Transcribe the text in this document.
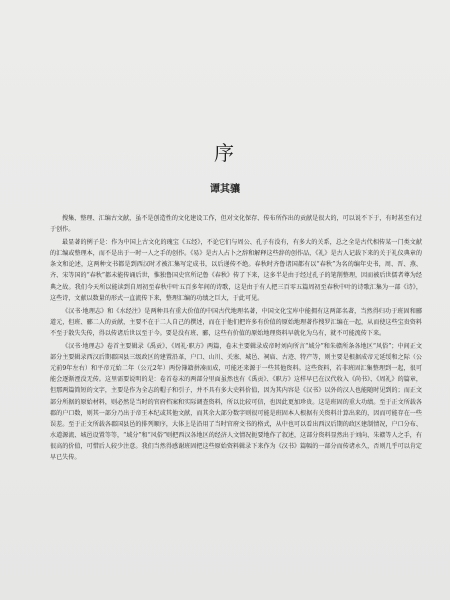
序
谭其骧

搜集、整理、汇编古文献，虽不是创造性的文化建设工作，但对文化保存、传布所作出的贡献是很大的，可以说不下于，有时甚至有过于创作。

最显著的例子是：作为中国上古文化的瑰宝《五经》，不论它们与周公、孔子有没有，有多大的关系，总之全是古代相传某一门类文献的汇编或整理本，而不是出于一时一人之手的创作。《易》是古人占卜之辞和解释这些辞的创作品，《礼》是古人记载下来的关于礼仪典章的条文和论述，这两种文书都是到西汉时才被汇集写定成书，以后递传不绝。春秋时齐鲁诸国都有以“春秋”为名的编年史书，周、晋、燕、齐、宋等国的“春秋”都未能传诵后世，惟独鲁国史官所记鲁《春秋》传了下来，这多半是由于经过孔子的笔削整理，因而被后世儒者尊为经典之故。我们今天所以能读到自周初至春秋中叶五百多年间的诗歌，这是由于有人把三百零五篇周初至春秋中叶的诗歌汇集为一部《诗》，这些诗，文献以数量的形式一直流传下来，整理汇编的功绩之巨大，于此可见。

《汉书·地理志》和《水经注》是两种具有重大价值的中国古代地理名著，中国文化宝库中能拥有这两部名著，当然得归功于班固和郦道元，但班、郦二人的贡献，主要不在于二人自己的撰述，而在于他们把许多有价值的原始地理著作搜罗汇编在一起，从而使这些宝贵资料不至于散失失传，得以传诸后世以至于今。要是没有班、郦，这些有价值的原始地理资料早就化为乌有，就不可能流传下来。

《汉书·地理志》卷首主要辑录《禹贡》、《周礼·职方》两篇，卷末主要辑录成帝时刘向所言“域分”和朱赣所条各地区“风俗”；中间正文部分主要辑录西汉后期郡国县三级政区的建置沿革，户口、山川、关塞、城邑、祠庙、古迹、特产等，则主要是根据成帝元延绥和之际（公元前9年左右）和平帝元始二年（公元2年）两份簿籍拼凑而成，可能还来源于一些其他资料。这些资料，若非班固汇集整理到一起，很可能会逐渐湮没无传。这里需要说明的是：卷首卷末的两部分里面虽然也有《禹贡》、《职方》这样早已在汉代收入《尚书》、《周礼》的篇章，但那两篇简短的文字，主要是作为全志的帽子和引子，并不具有多大史料价值，因为其内容是《汉书》以外的汉人也能随时见到的；而正文部分所据的原始材料，则必然是当时的官府档案和实际调查资料，所以比较可信，也因此更加珍贵。这是班固的重大功绩。至于正文所载各郡的户口数，则其一部分乃出于帝王本纪或其他文献，而其余大部分数字则很可能是班固本人根据有关资料计算出来的，因而可能存在一些误差。至于正文所载各郡国县邑的排列顺序，大体上是沿用了当时官府文书的格式，从中也可以看出西汉后期的政区建制情况，户口分布、水道源流、城邑设置等等，“域分”和“风俗”则把西汉各地区的经济人文情况扼要地作了叙述，这部分资料显然出于刘向、朱赣等人之手，有很高的价值，可惜后人较少注意。我们当然得感谢班固把这些原始资料辑录下来作为《汉书》篇幅的一部分而传诸永久，否则几乎可以肯定早已失传。
